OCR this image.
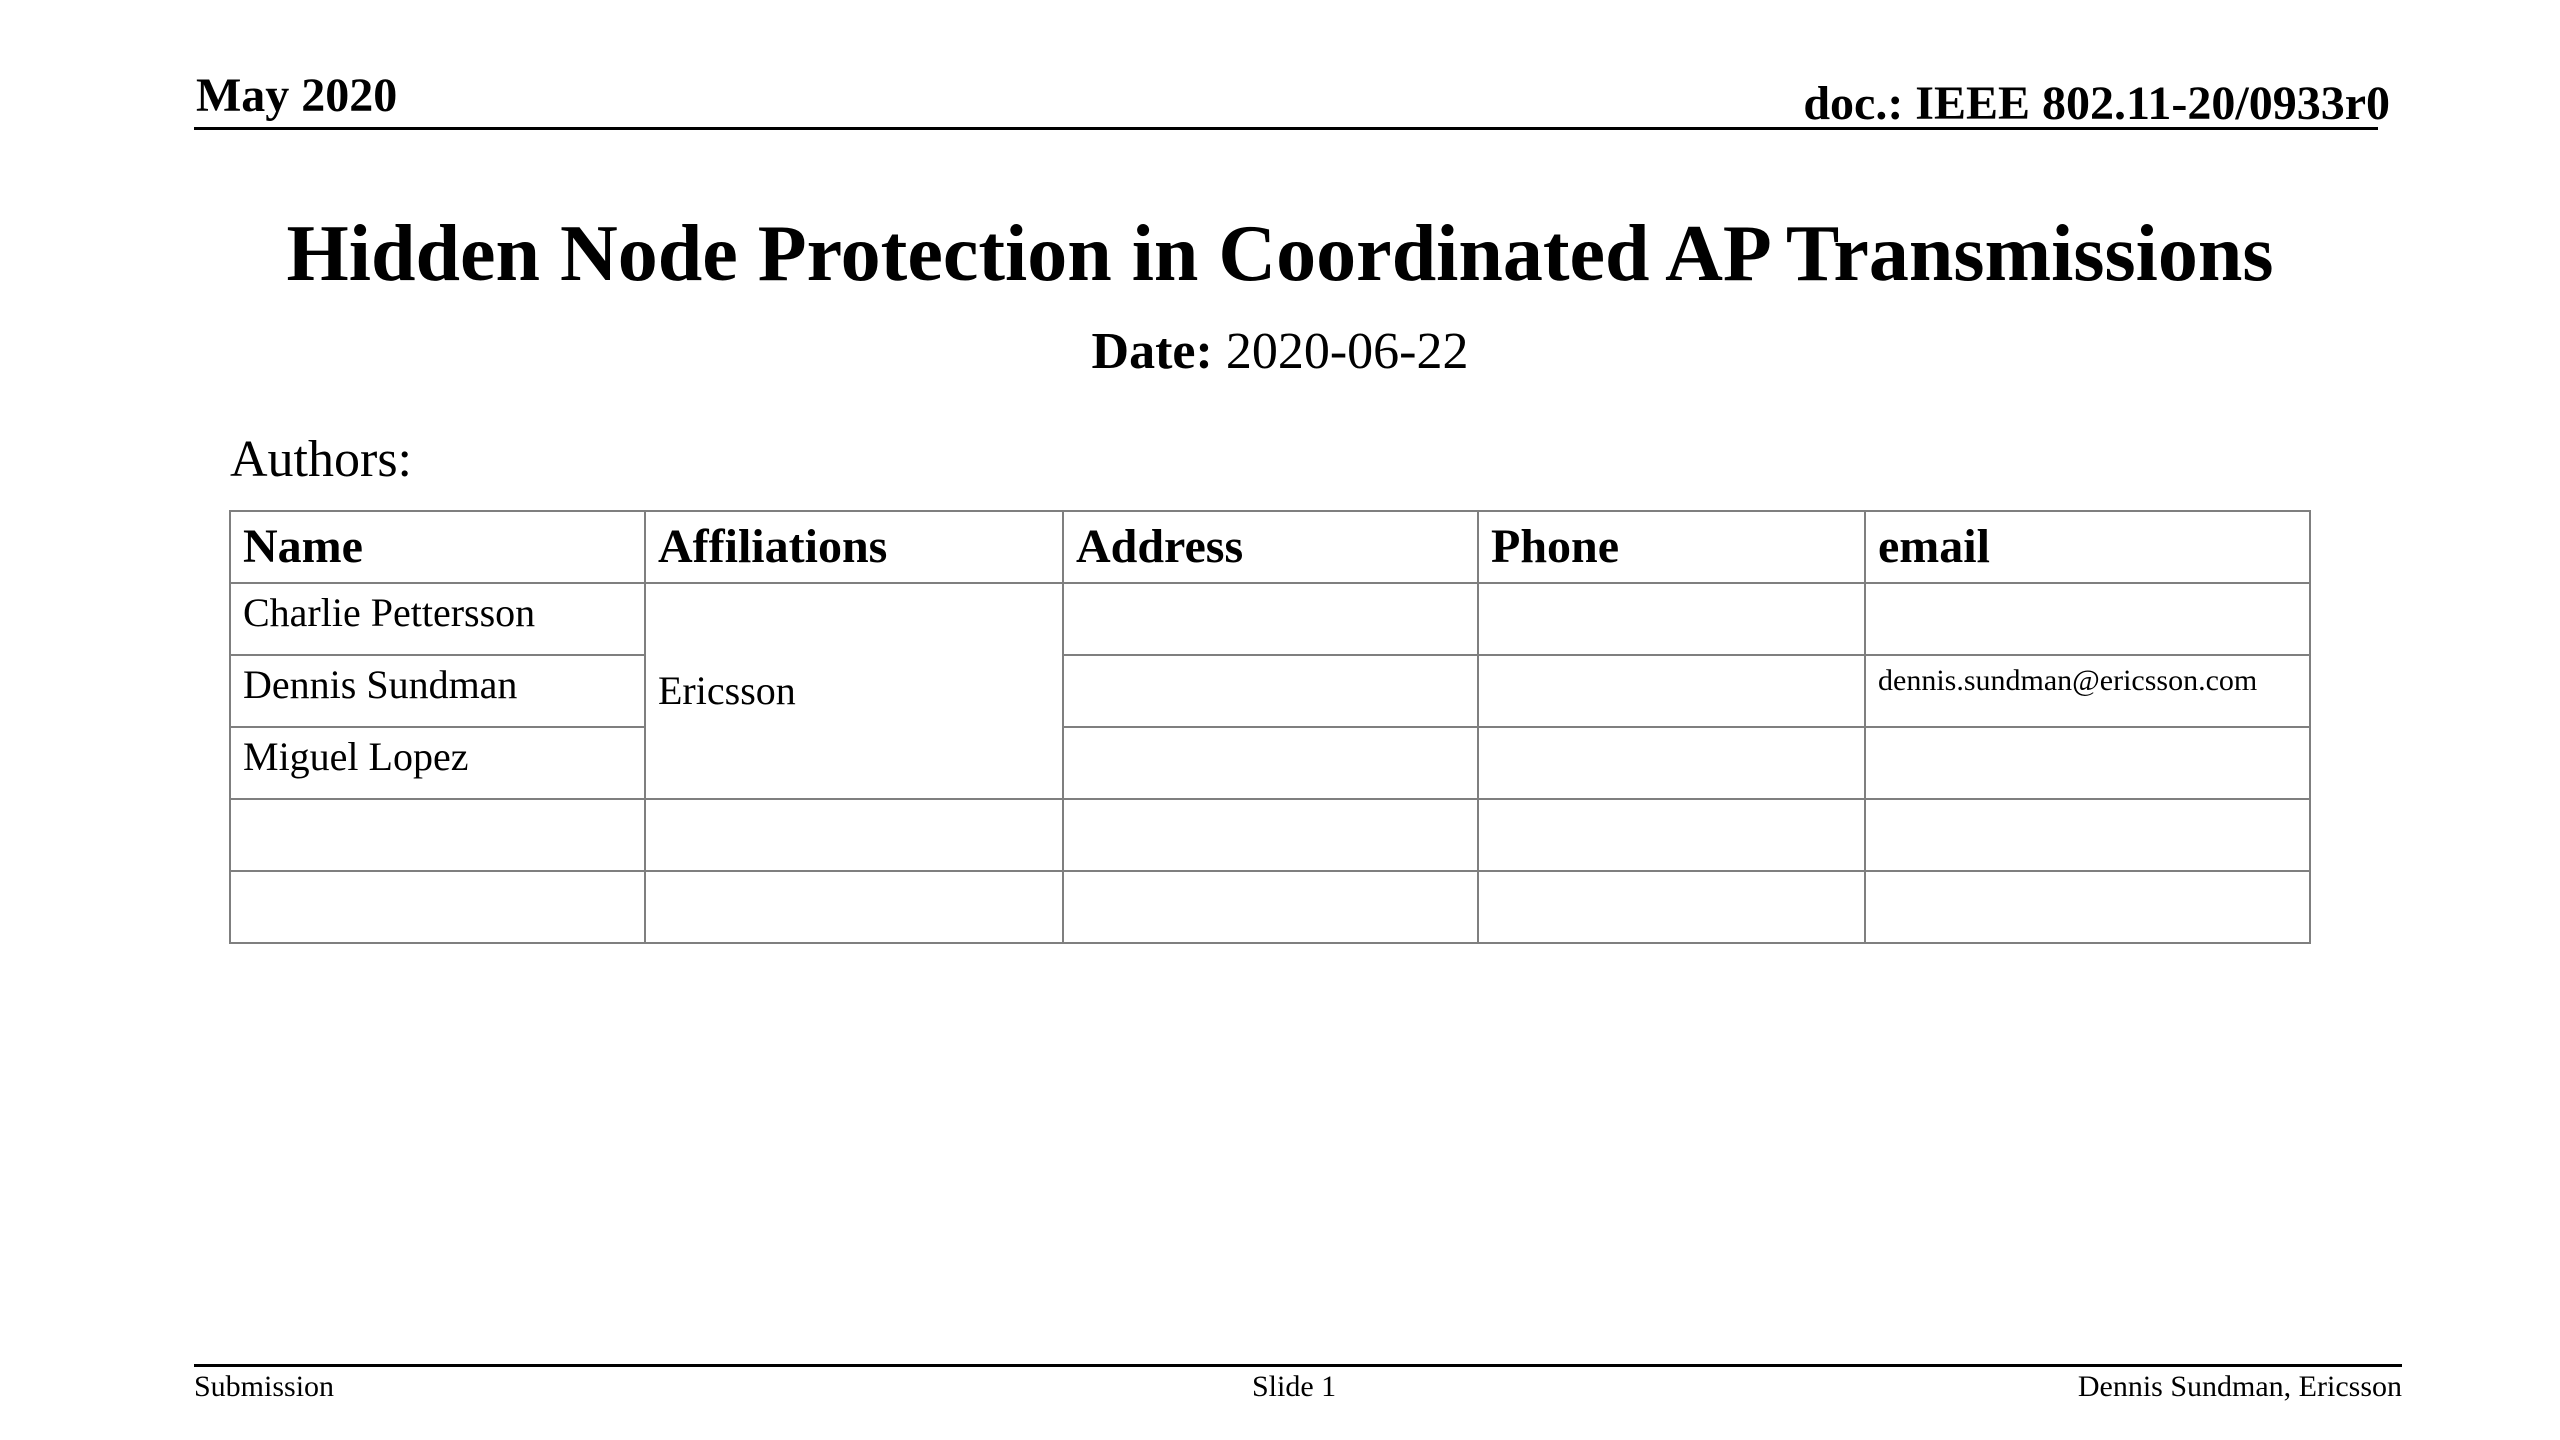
May 2020	doc.: IEEE 802.11-20/0933r0
Hidden Node Protection in Coordinated AP Transmissions
Date: 2020-06-22
Authors:
Name	Affiliations	Address	Phone	email
Charlie Pettersson	Ericsson			
Dennis Sundman				dennis.sundman@ericsson.com
Miguel Lopez				

Submission	Slide 1	Dennis Sundman, Ericsson
